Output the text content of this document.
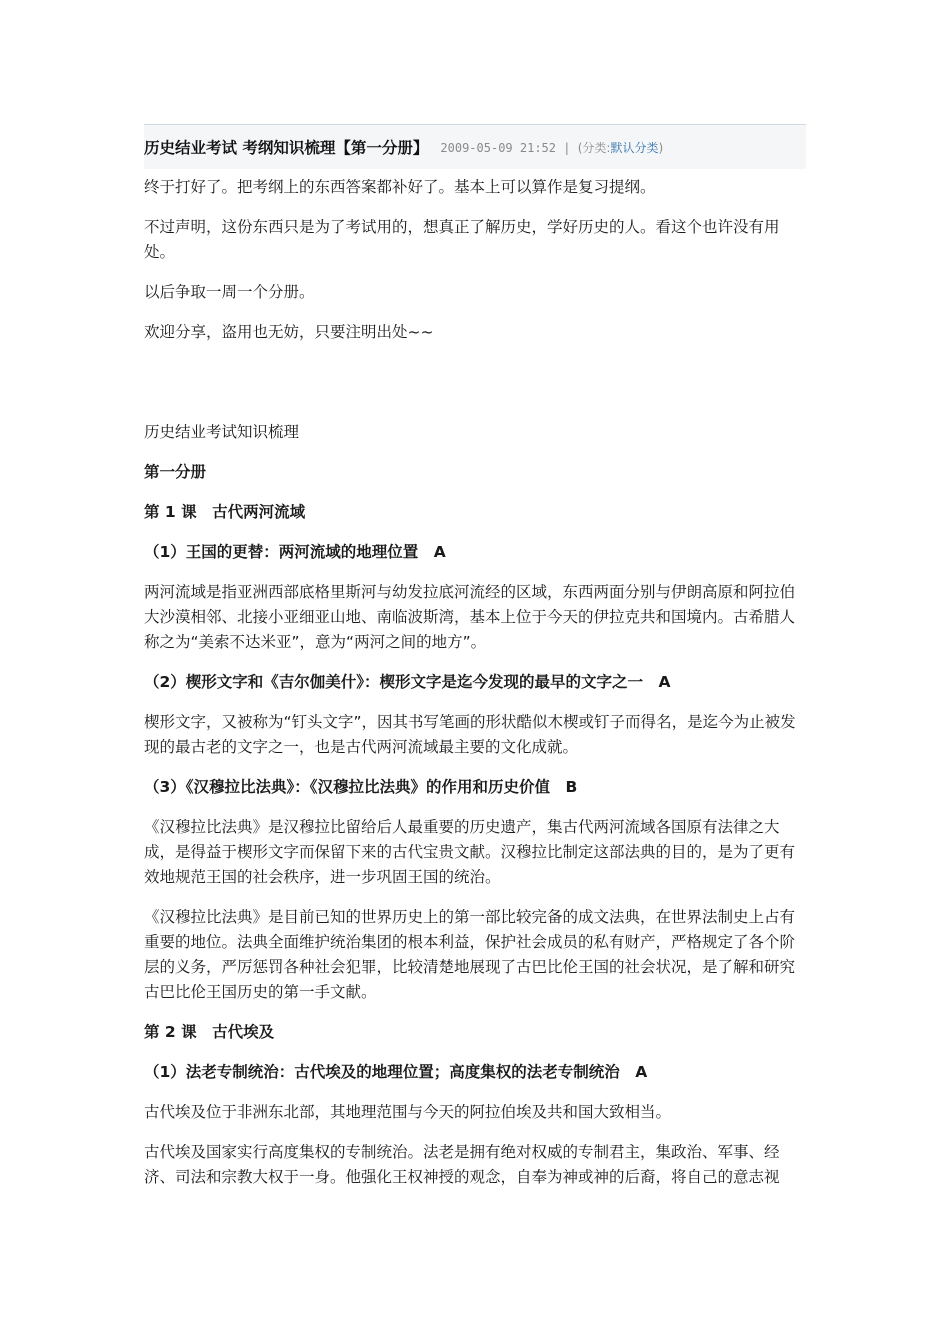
历史结业考试 考纲知识梳理【第一分册】 2009-05-09 21:52 | (分类:默认分类)

终于打好了。把考纲上的东西答案都补好了。基本上可以算作是复习提纲。

不过声明，这份东西只是为了考试用的，想真正了解历史，学好历史的人。看这个也许没有用处。

以后争取一周一个分册。

欢迎分享，盗用也无妨，只要注明出处~~

历史结业考试知识梳理

第一分册

第 1 课　古代两河流域

（1）王国的更替：两河流域的地理位置　A

两河流域是指亚洲西部底格里斯河与幼发拉底河流经的区域，东西两面分别与伊朗高原和阿拉伯大沙漠相邻、北接小亚细亚山地、南临波斯湾，基本上位于今天的伊拉克共和国境内。古希腊人称之为“美索不达米亚”，意为“两河之间的地方”。

（2）楔形文字和《吉尔伽美什》：楔形文字是迄今发现的最早的文字之一　A

楔形文字，又被称为“钉头文字”，因其书写笔画的形状酷似木楔或钉子而得名，是迄今为止被发现的最古老的文字之一，也是古代两河流域最主要的文化成就。

（3）《汉穆拉比法典》：《汉穆拉比法典》的作用和历史价值　B

《汉穆拉比法典》是汉穆拉比留给后人最重要的历史遗产，集古代两河流域各国原有法律之大成，是得益于楔形文字而保留下来的古代宝贵文献。汉穆拉比制定这部法典的目的，是为了更有效地规范王国的社会秩序，进一步巩固王国的统治。

《汉穆拉比法典》是目前已知的世界历史上的第一部比较完备的成文法典，在世界法制史上占有重要的地位。法典全面维护统治集团的根本利益，保护社会成员的私有财产，严格规定了各个阶层的义务，严厉惩罚各种社会犯罪，比较清楚地展现了古巴比伦王国的社会状况，是了解和研究古巴比伦王国历史的第一手文献。

第 2 课　古代埃及

（1）法老专制统治：古代埃及的地理位置；高度集权的法老专制统治　A

古代埃及位于非洲东北部，其地理范围与今天的阿拉伯埃及共和国大致相当。

古代埃及国家实行高度集权的专制统治。法老是拥有绝对权威的专制君主，集政治、军事、经济、司法和宗教大权于一身。他强化王权神授的观念，自奉为神或神的后裔，将自己的意志视
